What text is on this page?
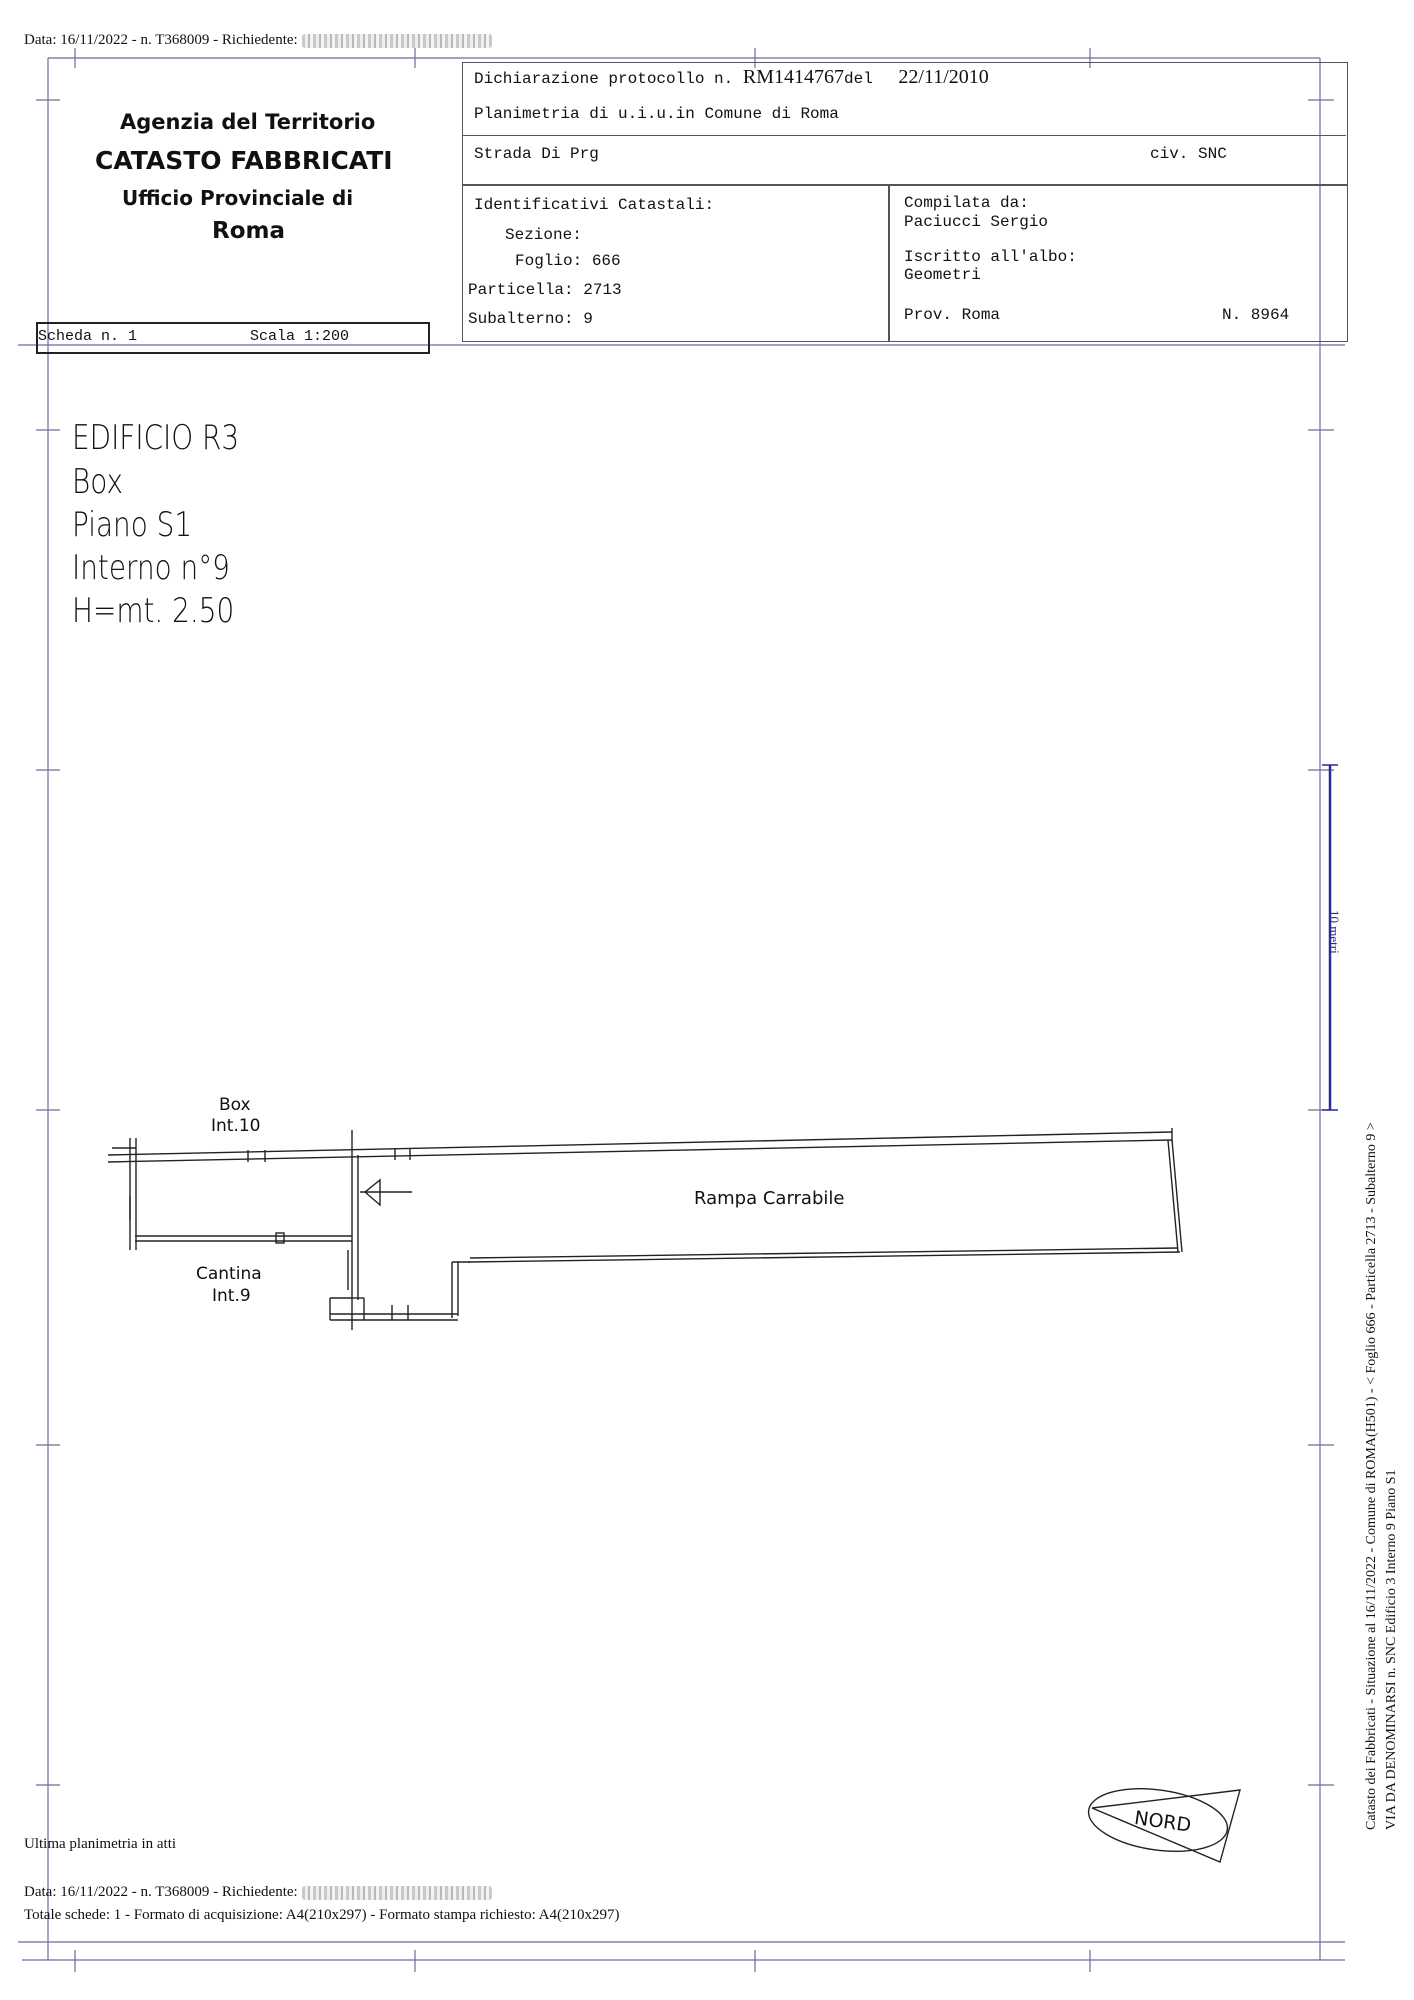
Data: 16/11/2022 - n. T368009 - Richiedente:
Agenzia del Territorio
CATASTO FABBRICATI
Ufficio Provinciale di
Roma
Dichiarazione protocollo n. RM1414767del 22/11/2010
Planimetria di u.i.u.in Comune di Roma
Strada Di Prg	civ. SNC
Identificativi Catastali:
Sezione:
Foglio: 666
Particella: 2713
Subalterno: 9
Compilata da:
Paciucci Sergio
Iscritto all'albo:
Geometri
Prov. Roma	N. 8964
Scheda n. 1	Scala 1:200
EDIFICIO R3
Box
Piano S1
Interno n°9
H=mt. 2.50
Box
Int.10
Rampa Carrabile
Cantina
Int.9
NORD
10 metri
Catasto dei Fabbricati - Situazione al 16/11/2022 - Comune di ROMA(H501) - < Foglio 666 - Particella 2713 - Subalterno 9 > VIA DA DENOMINARSI n. SNC Edificio 3 Interno 9 Piano S1
Ultima planimetria in atti
Data: 16/11/2022 - n. T368009 - Richiedente:
Totale schede: 1 - Formato di acquisizione: A4(210x297) - Formato stampa richiesto: A4(210x297)
